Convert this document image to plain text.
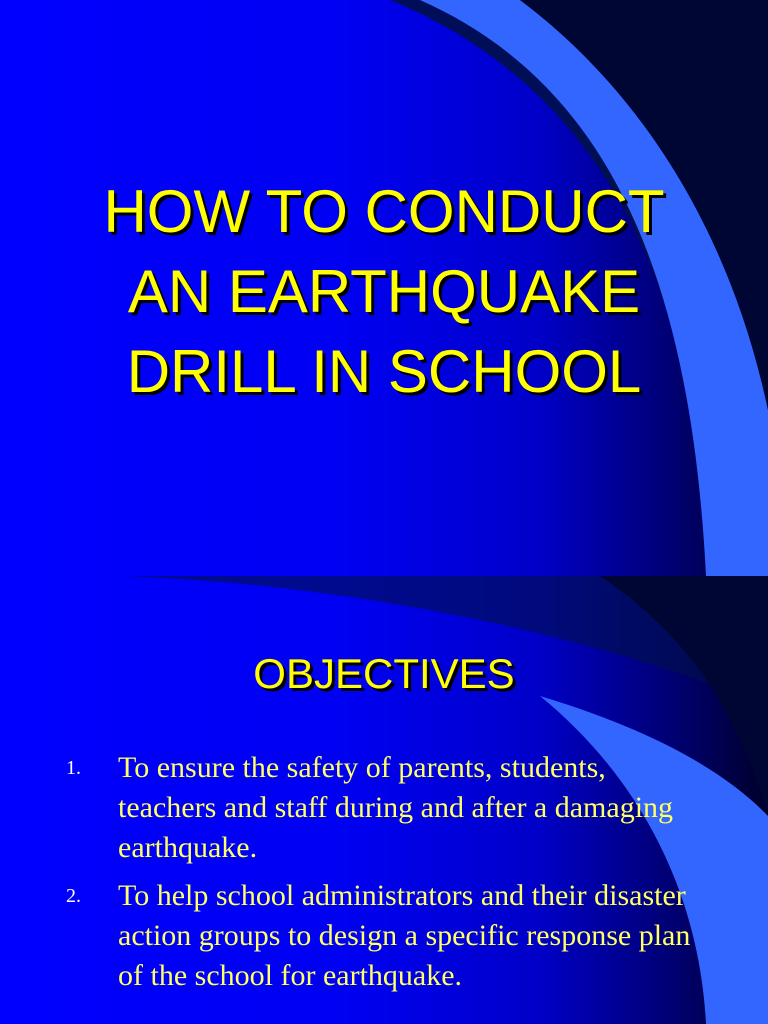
HOW TO CONDUCT
AN EARTHQUAKE
DRILL IN SCHOOL
OBJECTIVES
1.	To ensure the safety of parents, students, teachers and staff during and after a damaging earthquake.
2.	To help school administrators and their disaster action groups to design a specific response plan of the school for earthquake.
